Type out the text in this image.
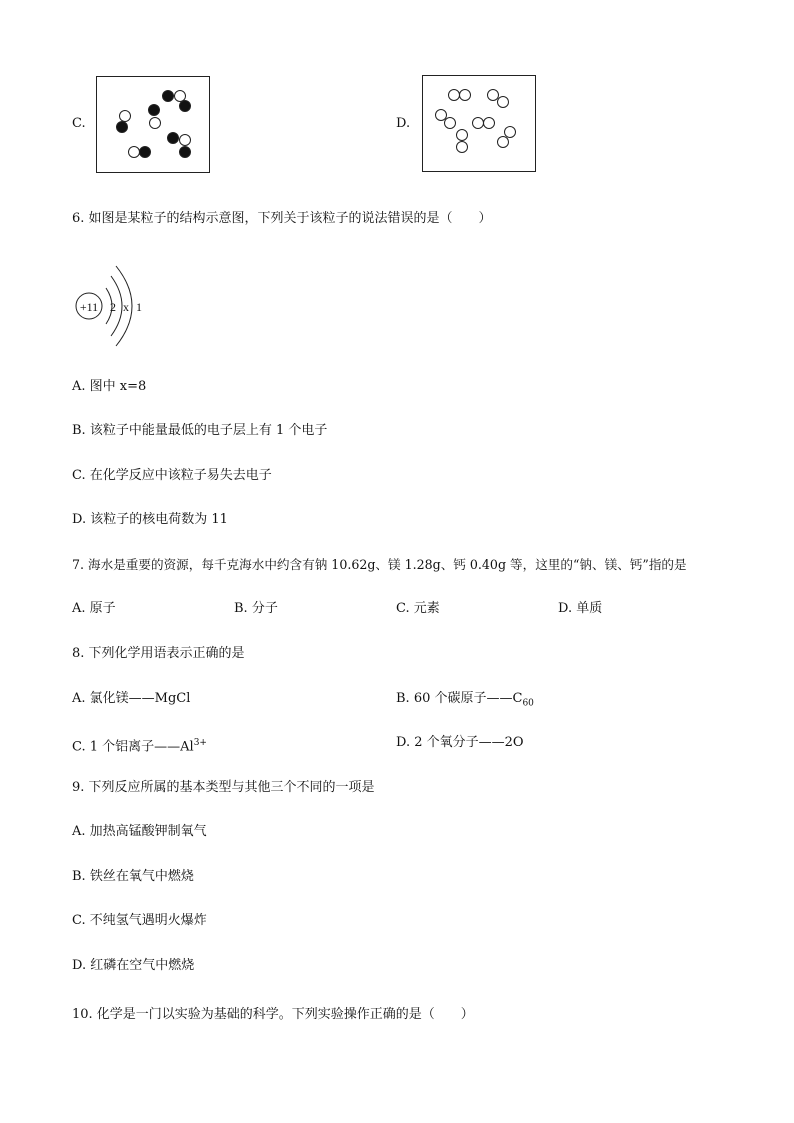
C.	D.
6. 如图是某粒子的结构示意图，下列关于该粒子的说法错误的是（　　）
+11 2 x 1
A. 图中 x=8
B. 该粒子中能量最低的电子层上有 1 个电子
C. 在化学反应中该粒子易失去电子
D. 该粒子的核电荷数为 11
7. 海水是重要的资源，每千克海水中约含有钠 10.62g、镁 1.28g、钙 0.40g 等，这里的“钠、镁、钙”指的是
A. 原子	B. 分子	C. 元素	D. 单质
8. 下列化学用语表示正确的是
A. 氯化镁——MgCl	B. 60 个碳原子$——C_{60}$
C. 1 个铝离子$——Al^{3+}$	D. 2 个氧分子——2O
9. 下列反应所属的基本类型与其他三个不同的一项是
A. 加热高锰酸钾制氧气
B. 铁丝在氧气中燃烧
C. 不纯氢气遇明火爆炸
D. 红磷在空气中燃烧
10. 化学是一门以实验为基础的科学。下列实验操作正确的是（　　）
